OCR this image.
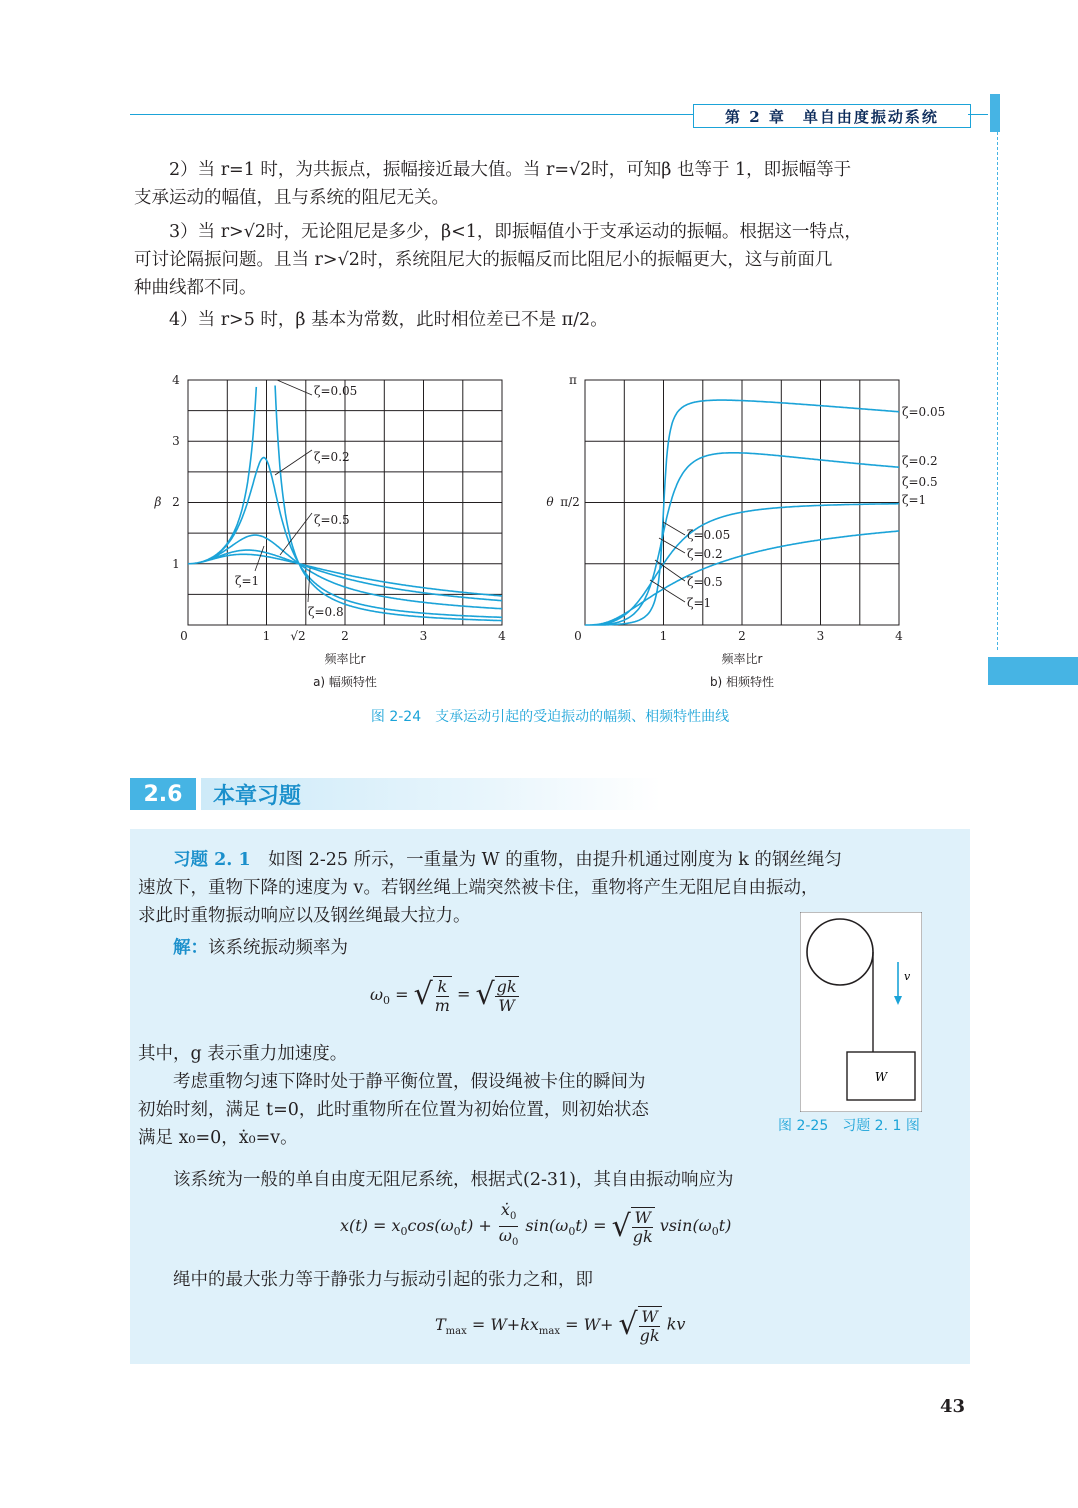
第 2 章　单自由度振动系统

2）当 r=1 时，为共振点，振幅接近最大值。当 r=√2时，可知β 也等于 1，即振幅等于

支承运动的幅值，且与系统的阻尼无关。

3）当 r>√2时，无论阻尼是多少，β<1，即振幅值小于支承运动的振幅。根据这一特点，

可讨论隔振问题。且当 r>√2时，系统阻尼大的振幅反而比阻尼小的振幅更大，这与前面几

种曲线都不同。

4）当 r>5 时，β 基本为常数，此时相位差已不是 π/2。

ζ=0.05
ζ=0.2
ζ=0.5
ζ=1
ζ=0.8
4
3
2
1
0	1 √2	2	3	4
β
频率比r
a) 幅频特性
ζ=0.05
ζ=0.2
ζ=0.5
ζ=1
ζ=0.05
ζ=0.2
ζ=0.5
ζ=1
π
π/2
0	1	2	3	4
θ
频率比r
b) 相频特性
图 2-24　支承运动引起的受迫振动的幅频、相频特性曲线
2.6	本章习题

习题 2. 1　 如图 2-25 所示，一重量为 W 的重物，由提升机通过刚度为 k 的钢丝绳匀

速放下，重物下降的速度为 v。若钢丝绳上端突然被卡住，重物将产生无阻尼自由振动，

求此时重物振动响应以及钢丝绳最大拉力。

解：该系统振动频率为

$\omega_0$ = √ $\frac{k}{m}$ = √ $\frac{gk}{W}$

其中，g 表示重力加速度。

考虑重物匀速下降时处于静平衡位置，假设绳被卡住的瞬间为

初始时刻，满足 t=0，此时重物所在位置为初始位置，则初始状态

满足 x₀=0，ẋ₀=v。

v
W
图 2-25　习题 2. 1 图

该系统为一般的单自由度无阻尼系统，根据式(2-31)，其自由振动响应为

$x(t) = x_0\cos(\omega_0t) + \frac{ẋ_0}{\omega_0} \sin(\omega_0t)$ = √ $\frac{W}{gk} vsin(\omega_0t)$

绳中的最大张力等于静张力与振动引起的张力之和，即

$T_{max} = W+kx_{max} = W+$ √ $\frac{W}{gk}$ kv
43
